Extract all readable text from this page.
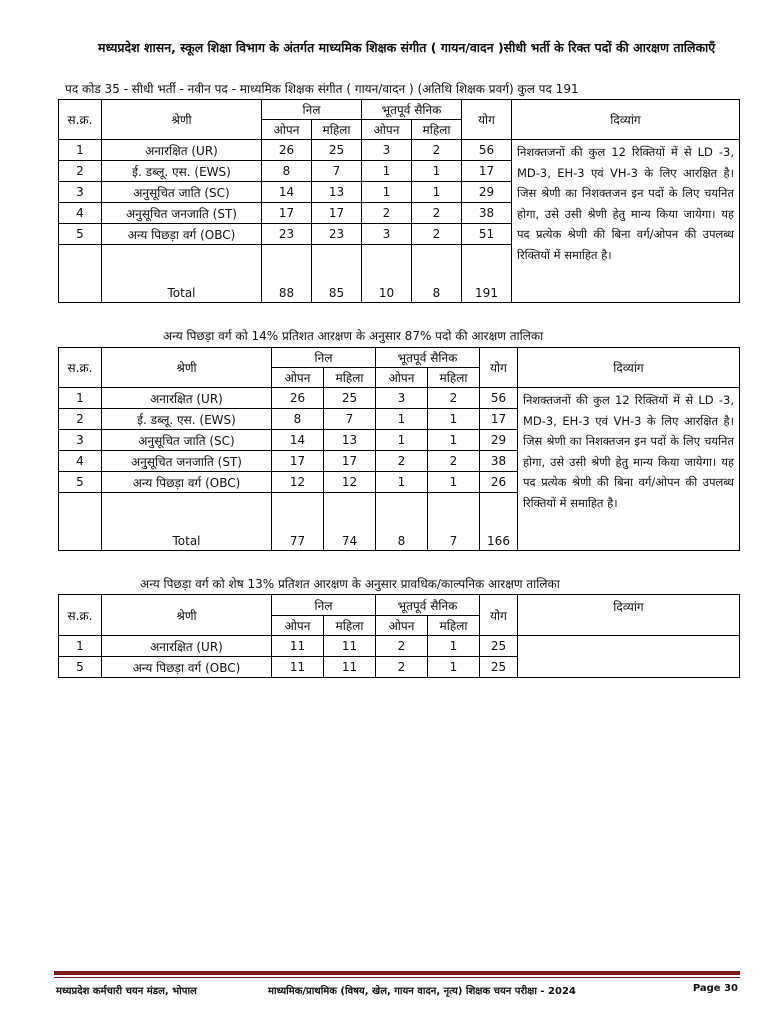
मध्यप्रदेश शासन, स्कूल शिक्षा विभाग के अंतर्गत माध्यमिक शिक्षक संगीत ( गायन/वादन )सीधी भर्ती के रिक्त पदों की आरक्षण तालिकाएँ
पद कोड 35 - सीधी भर्ती - नवीन पद - माध्यमिक शिक्षक संगीत ( गायन/वादन ) (अतिथि शिक्षक प्रवर्ग) कुल पद 191
स.क्र.	श्रेणी	निल		भूतपूर्व सैनिक		योग	दिव्यांग
		ओपन	महिला	ओपन	महिला		
1	अनारक्षित (UR)	26	25	3	2	56	निशक्तजनों की कुल 12 रिक्तियों में से LD -3, MD-3, EH-3 एवं VH-3 के लिए आरक्षित है। जिस श्रेणी का निशक्तजन इन पदों के लिए चयनित होगा, उसे उसी श्रेणी हेतु मान्य किया जायेगा। यह पद प्रत्येक श्रेणी की बिना वर्ग/ओपन की उपलब्ध रिक्तियों में समाहित है।
2	ई. डब्लू. एस. (EWS)	8	7	1	1	17	
3	अनुसूचित जाति (SC)	14	13	1	1	29	
4	अनुसूचित जनजाति (ST)	17	17	2	2	38	
5	अन्य पिछड़ा वर्ग (OBC)	23	23	3	2	51	
	Total	88	85	10	8	191	
अन्य पिछड़ा वर्ग को 14% प्रतिशत आरक्षण के अनुसार 87% पदो की आरक्षण तालिका
स.क्र.	श्रेणी	निल		भूतपूर्व सैनिक		योग	दिव्यांग
		ओपन	महिला	ओपन	महिला		
1	अनारक्षित (UR)	26	25	3	2	56	निशक्तजनों की कुल 12 रिक्तियों में से LD -3, MD-3, EH-3 एवं VH-3 के लिए आरक्षित है। जिस श्रेणी का निशक्तजन इन पदों के लिए चयनित होगा, उसे उसी श्रेणी हेतु मान्य किया जायेगा। यह पद प्रत्येक श्रेणी की बिना वर्ग/ओपन की उपलब्ध रिक्तियों में समाहित है।
2	ई. डब्लू. एस. (EWS)	8	7	1	1	17	
3	अनुसूचित जाति (SC)	14	13	1	1	29	
4	अनुसूचित जनजाति (ST)	17	17	2	2	38	
5	अन्य पिछड़ा वर्ग (OBC)	12	12	1	1	26	
	Total	77	74	8	7	166	
अन्य पिछड़ा वर्ग को शेष 13% प्रतिशत आरक्षण के अनुसार प्रावधिक/काल्पनिक आरक्षण तालिका
स.क्र.	श्रेणी	निल		भूतपूर्व सैनिक		योग	दिव्यांग
		ओपन	महिला	ओपन	महिला		
1	अनारक्षित (UR)	11	11	2	1	25	
5	अन्य पिछड़ा वर्ग (OBC)	11	11	2	1	25	
मध्यप्रदेश कर्मचारी चयन मंडल, भोपाल	माध्यमिक/प्राथमिक (विषय, खेल, गायन वादन, नृत्य) शिक्षक चयन परीक्षा - 2024	Page 30
